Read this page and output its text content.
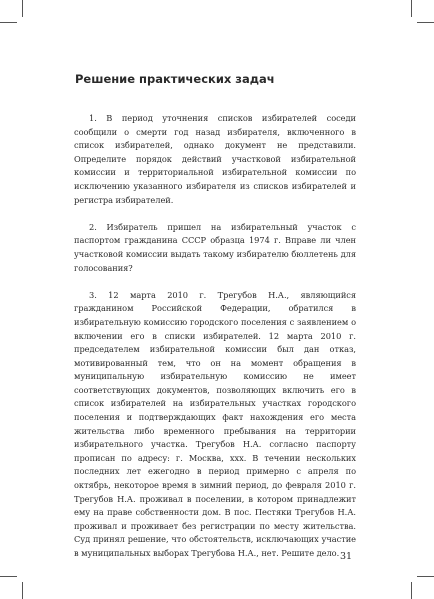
Решение практических задач

1. В период уточнения списков избирателей соседи сообщили о смерти год назад избирателя, включенного в список избирателей, однако документ не представили. Определите порядок действий участковой избирательной комиссии и территориальной избирательной комиссии по исключению указанного избирателя из списков избирателей и регистра избирателей.

2. Избиратель пришел на избирательный участок с паспортом гражданина СССР образца 1974 г. Вправе ли член участковой комиссии выдать такому избирателю бюллетень для голосования?

3. 12 марта 2010 г. Трегубов Н.А., являющийся гражданином Российской Федерации, обратился в избирательную комиссию городского поселения с заявлением о включении его в списки избирателей. 12 марта 2010 г. председателем избирательной комиссии был дан отказ, мотивированный тем, что он на момент обращения в муниципальную избирательную комиссию не имеет соответствующих документов, позволяющих включить его в список избирателей на избирательных участках городского поселения и подтверждающих факт нахождения его места жительства либо временного пребывания на территории избирательного участка. Трегубов Н.А. согласно паспорту прописан по адресу: г. Москва, ххх. В течении нескольких последних лет ежегодно в период примерно с апреля по октябрь, некоторое время в зимний период, до февраля 2010 г. Трегубов Н.А. проживал в поселении, в котором принадлежит ему на праве собственности дом. В пос. Пестяки Трегубов Н.А. проживал и проживает без регистрации по месту жительства. Суд принял решение, что обстоятельств, исключающих участие в муниципальных выборах Трегубова Н.А., нет. Решите дело. 31
